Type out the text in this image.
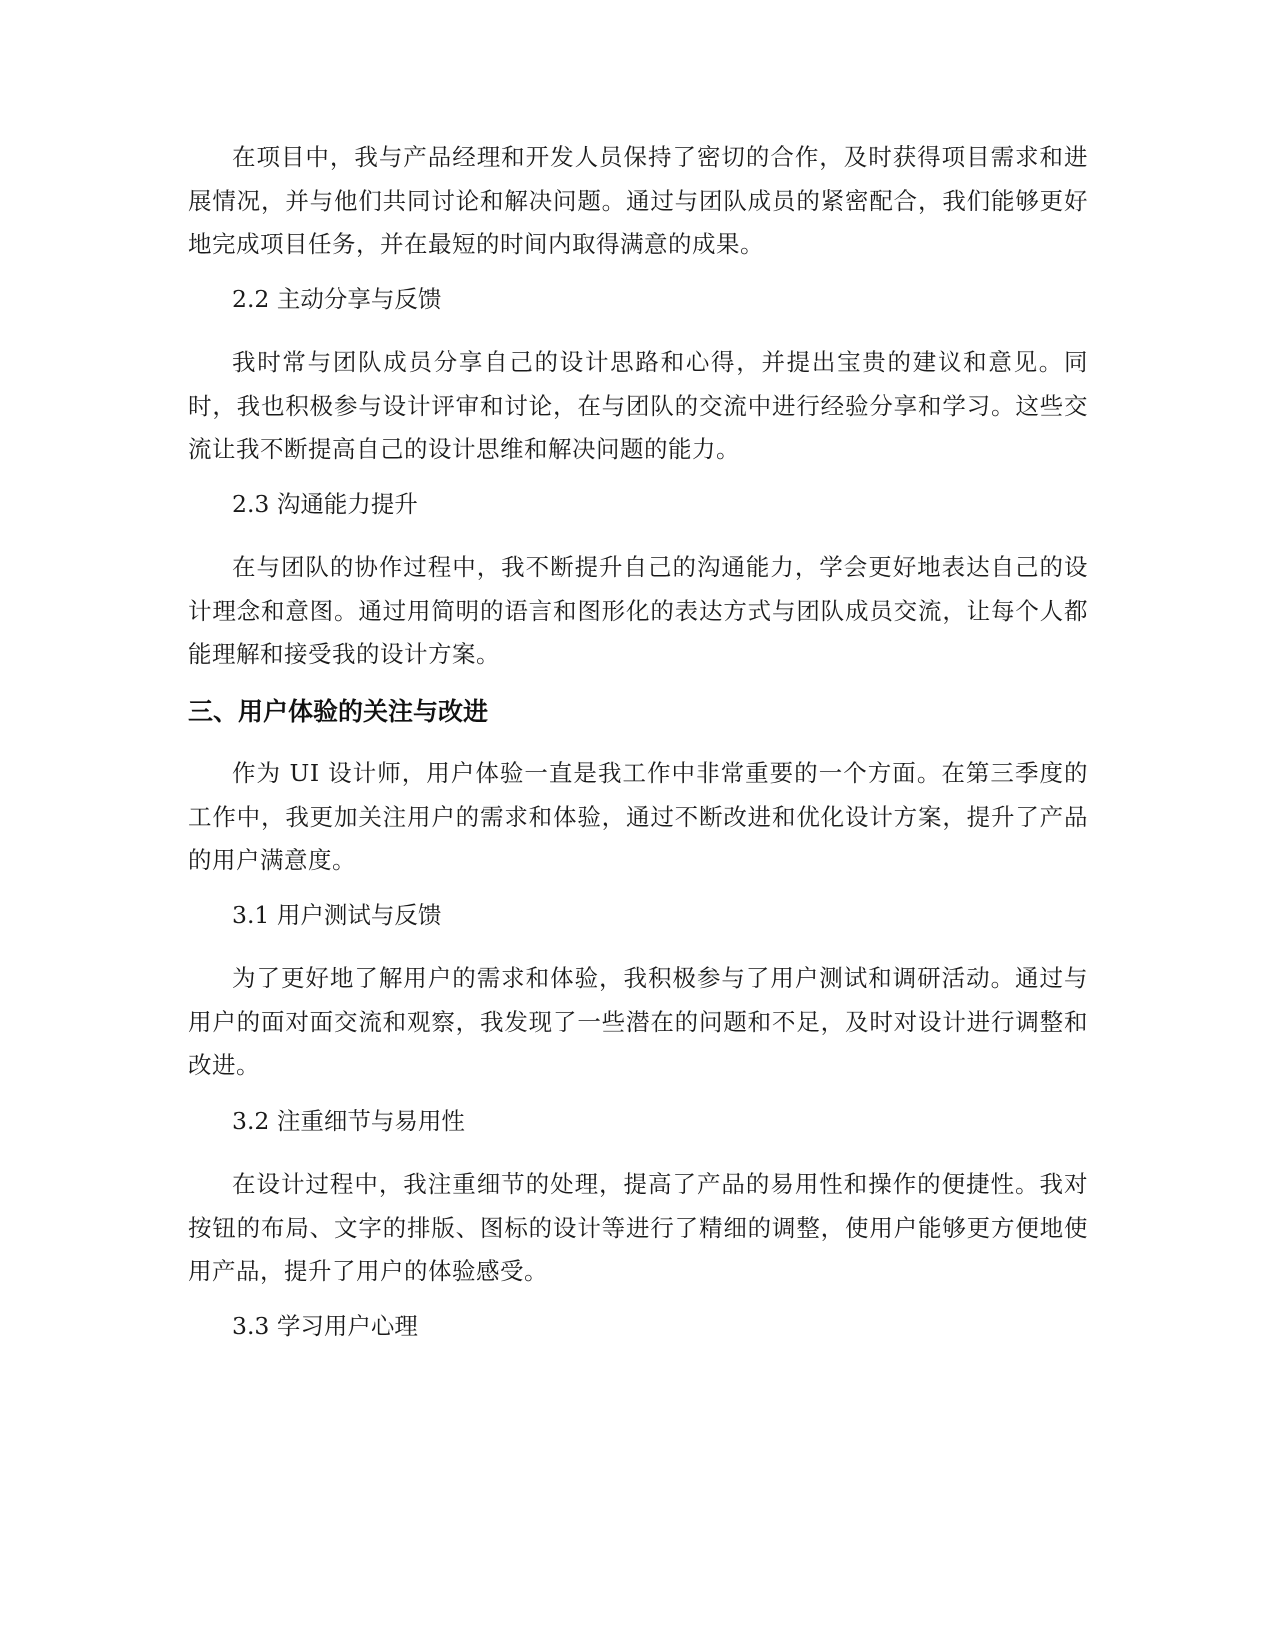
在项目中，我与产品经理和开发人员保持了密切的合作，及时获得项目需求和进展情况，并与他们共同讨论和解决问题。通过与团队成员的紧密配合，我们能够更好地完成项目任务，并在最短的时间内取得满意的成果。

2.2 主动分享与反馈

我时常与团队成员分享自己的设计思路和心得，并提出宝贵的建议和意见。同时，我也积极参与设计评审和讨论，在与团队的交流中进行经验分享和学习。这些交流让我不断提高自己的设计思维和解决问题的能力。

2.3 沟通能力提升

在与团队的协作过程中，我不断提升自己的沟通能力，学会更好地表达自己的设计理念和意图。通过用简明的语言和图形化的表达方式与团队成员交流，让每个人都能理解和接受我的设计方案。

三、用户体验的关注与改进

作为 UI 设计师，用户体验一直是我工作中非常重要的一个方面。在第三季度的工作中，我更加关注用户的需求和体验，通过不断改进和优化设计方案，提升了产品的用户满意度。

3.1 用户测试与反馈

为了更好地了解用户的需求和体验，我积极参与了用户测试和调研活动。通过与用户的面对面交流和观察，我发现了一些潜在的问题和不足，及时对设计进行调整和改进。

3.2 注重细节与易用性

在设计过程中，我注重细节的处理，提高了产品的易用性和操作的便捷性。我对按钮的布局、文字的排版、图标的设计等进行了精细的调整，使用户能够更方便地使用产品，提升了用户的体验感受。

3.3 学习用户心理
